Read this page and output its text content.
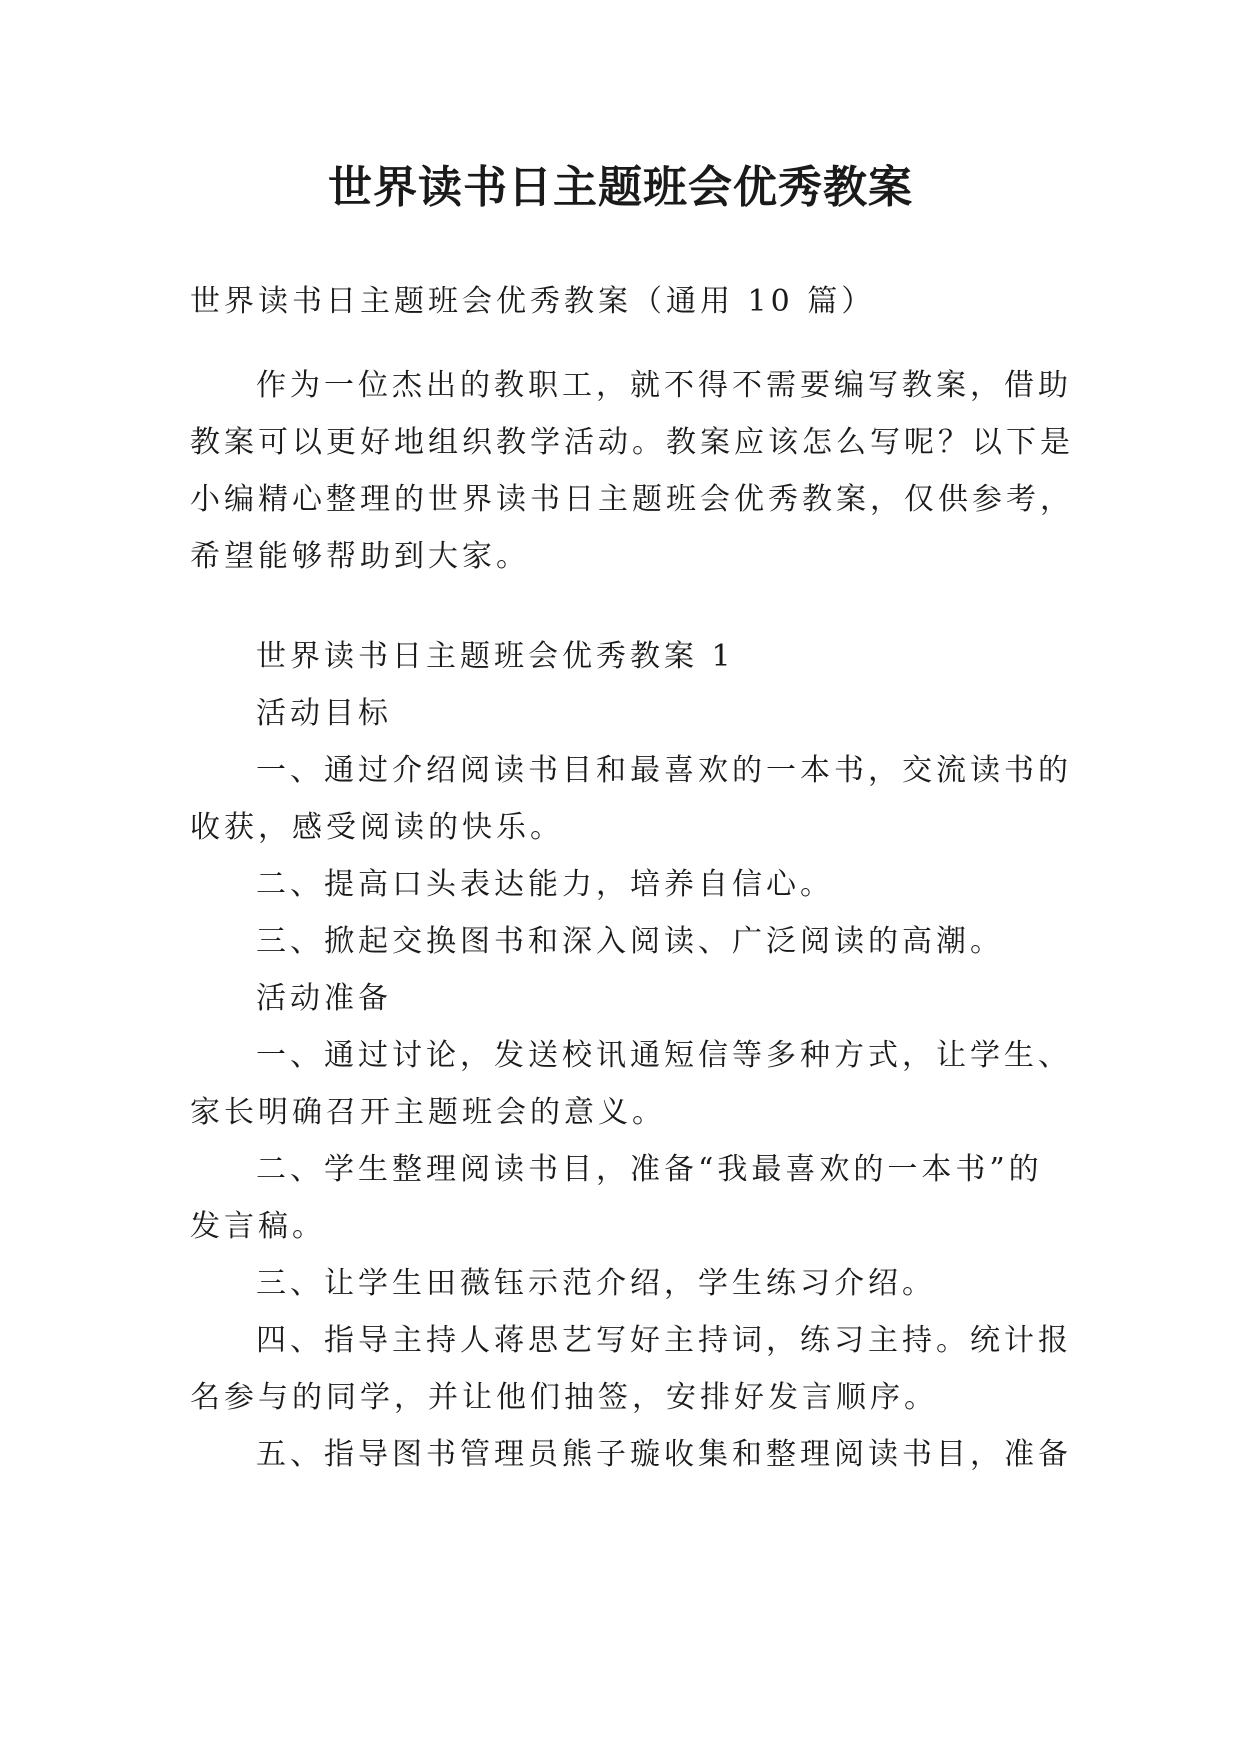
世界读书日主题班会优秀教案
世界读书日主题班会优秀教案（通用 10 篇）
作为一位杰出的教职工，就不得不需要编写教案，借助
教案可以更好地组织教学活动。教案应该怎么写呢？以下是
小编精心整理的世界读书日主题班会优秀教案，仅供参考，
希望能够帮助到大家。
世界读书日主题班会优秀教案 1
活动目标
一、通过介绍阅读书目和最喜欢的一本书，交流读书的
收获，感受阅读的快乐。
二、提高口头表达能力，培养自信心。
三、掀起交换图书和深入阅读、广泛阅读的高潮。
活动准备
一、通过讨论，发送校讯通短信等多种方式，让学生、
家长明确召开主题班会的意义。
二、学生整理阅读书目，准备“我最喜欢的一本书”的
发言稿。
三、让学生田薇钰示范介绍，学生练习介绍。
四、指导主持人蒋思艺写好主持词，练习主持。统计报
名参与的同学，并让他们抽签，安排好发言顺序。
五、指导图书管理员熊子璇收集和整理阅读书目，准备
